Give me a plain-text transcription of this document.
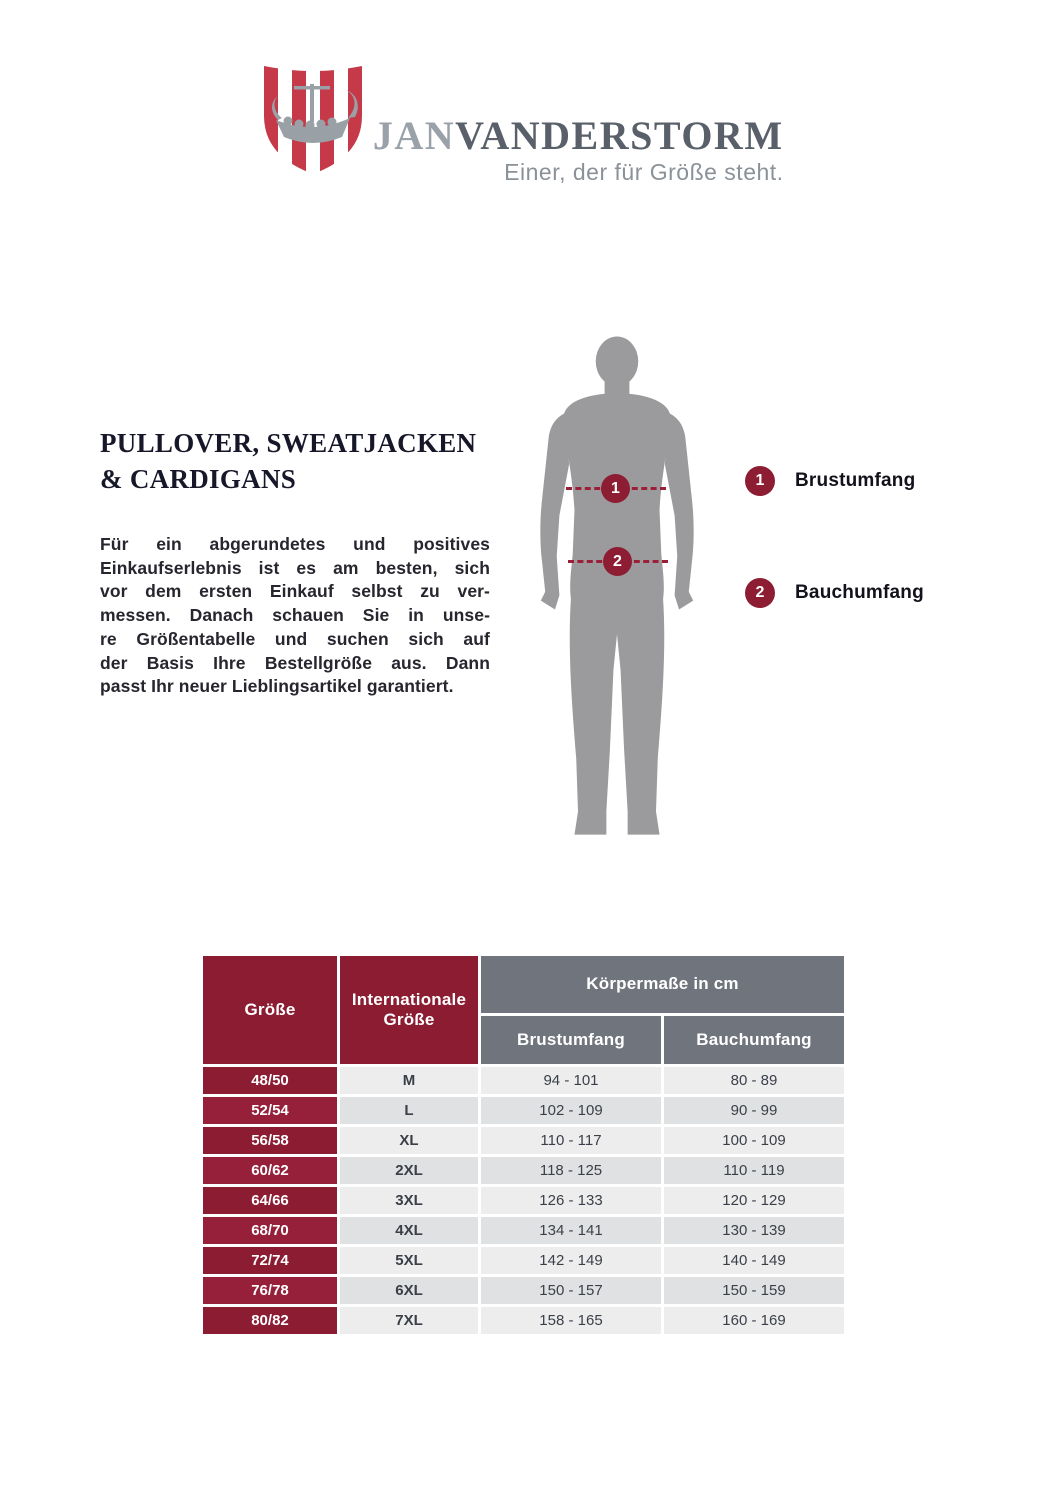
JANVANDERSTORM
Einer, der für Größe steht.
PULLOVER, SWEATJACKEN
& CARDIGANS
Für ein abgerundetes und positives
Einkaufserlebnis ist es am besten, sich
vor dem ersten Einkauf selbst zu ver-
messen. Danach schauen Sie in unse-
re Größentabelle und suchen sich auf
der Basis Ihre Bestellgröße aus. Dann
passt Ihr neuer Lieblingsartikel garantiert.
1
2
1	Brustumfang
2	Bauchumfang
Größe	Internationale Größe	Körpermaße in cm	
		Brustumfang	Bauchumfang
48/50	M	94 - 101	80 - 89
52/54	L	102 - 109	90 - 99
56/58	XL	110 - 117	100 - 109
60/62	2XL	118 - 125	110 - 119
64/66	3XL	126 - 133	120 - 129
68/70	4XL	134 - 141	130 - 139
72/74	5XL	142 - 149	140 - 149
76/78	6XL	150 - 157	150 - 159
80/82	7XL	158 - 165	160 - 169
